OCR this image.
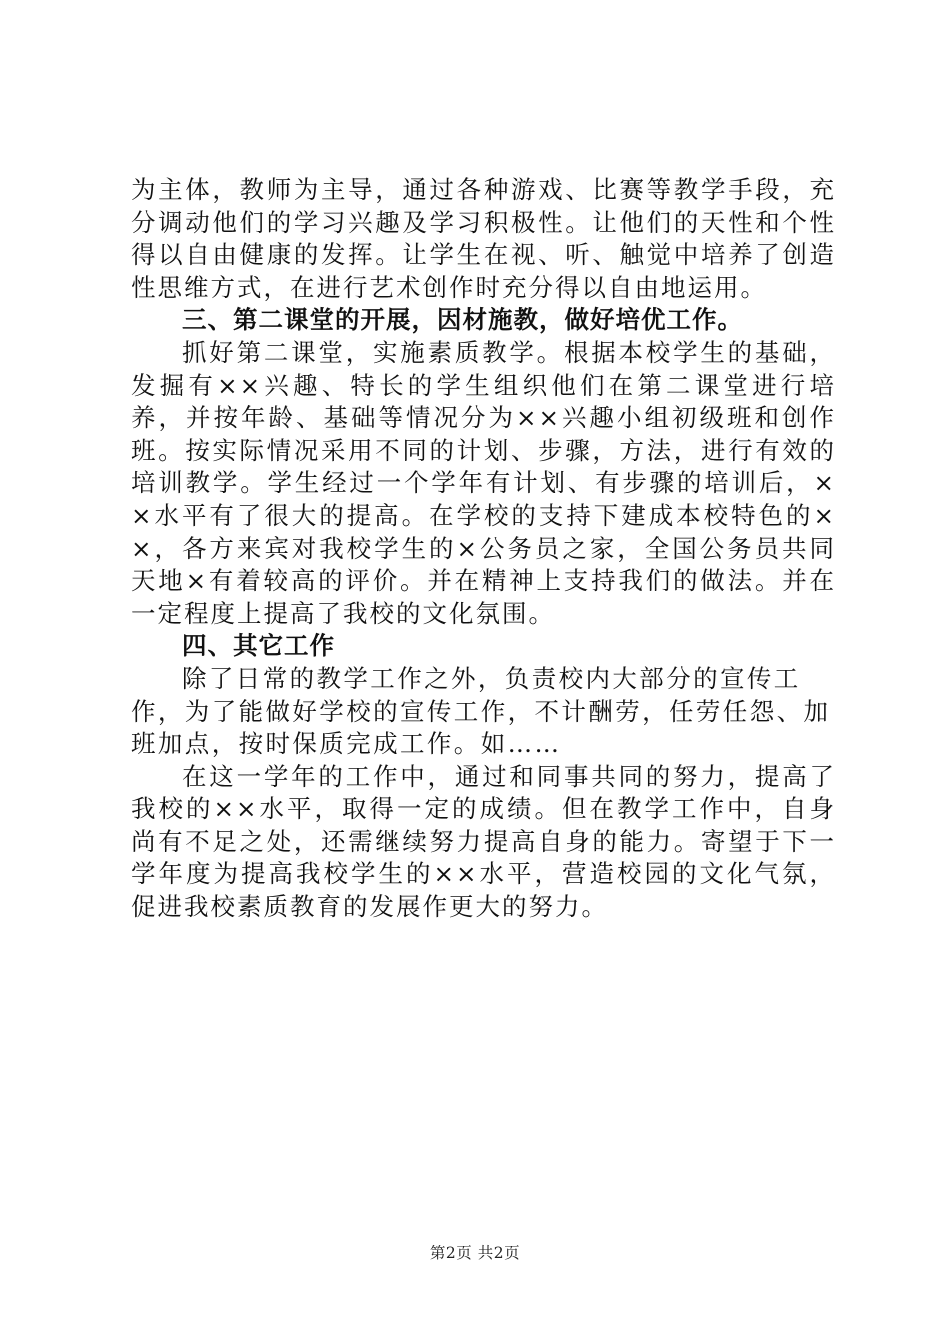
为主体，教师为主导，通过各种游戏、比赛等教学手段，充分调动他们的学习兴趣及学习积极性。让他们的天性和个性得以自由健康的发挥。让学生在视、听、触觉中培养了创造性思维方式，在进行艺术创作时充分得以自由地运用。

三、第二课堂的开展，因材施教，做好培优工作。

抓好第二课堂，实施素质教学。根据本校学生的基础，发掘有××兴趣、特长的学生组织他们在第二课堂进行培养，并按年龄、基础等情况分为××兴趣小组初级班和创作班。按实际情况采用不同的计划、步骤，方法，进行有效的培训教学。学生经过一个学年有计划、有步骤的培训后，××水平有了很大的提高。在学校的支持下建成本校特色的××，各方来宾对我校学生的×公务员之家，全国公务员共同天地×有着较高的评价。并在精神上支持我们的做法。并在一定程度上提高了我校的文化氛围。

四、其它工作

除了日常的教学工作之外，负责校内大部分的宣传工作，为了能做好学校的宣传工作，不计酬劳，任劳任怨、加班加点，按时保质完成工作。如……

在这一学年的工作中，通过和同事共同的努力，提高了我校的××水平，取得一定的成绩。但在教学工作中，自身尚有不足之处，还需继续努力提高自身的能力。寄望于下一学年度为提高我校学生的××水平，营造校园的文化气氛，促进我校素质教育的发展作更大的努力。

第2页 共2页
